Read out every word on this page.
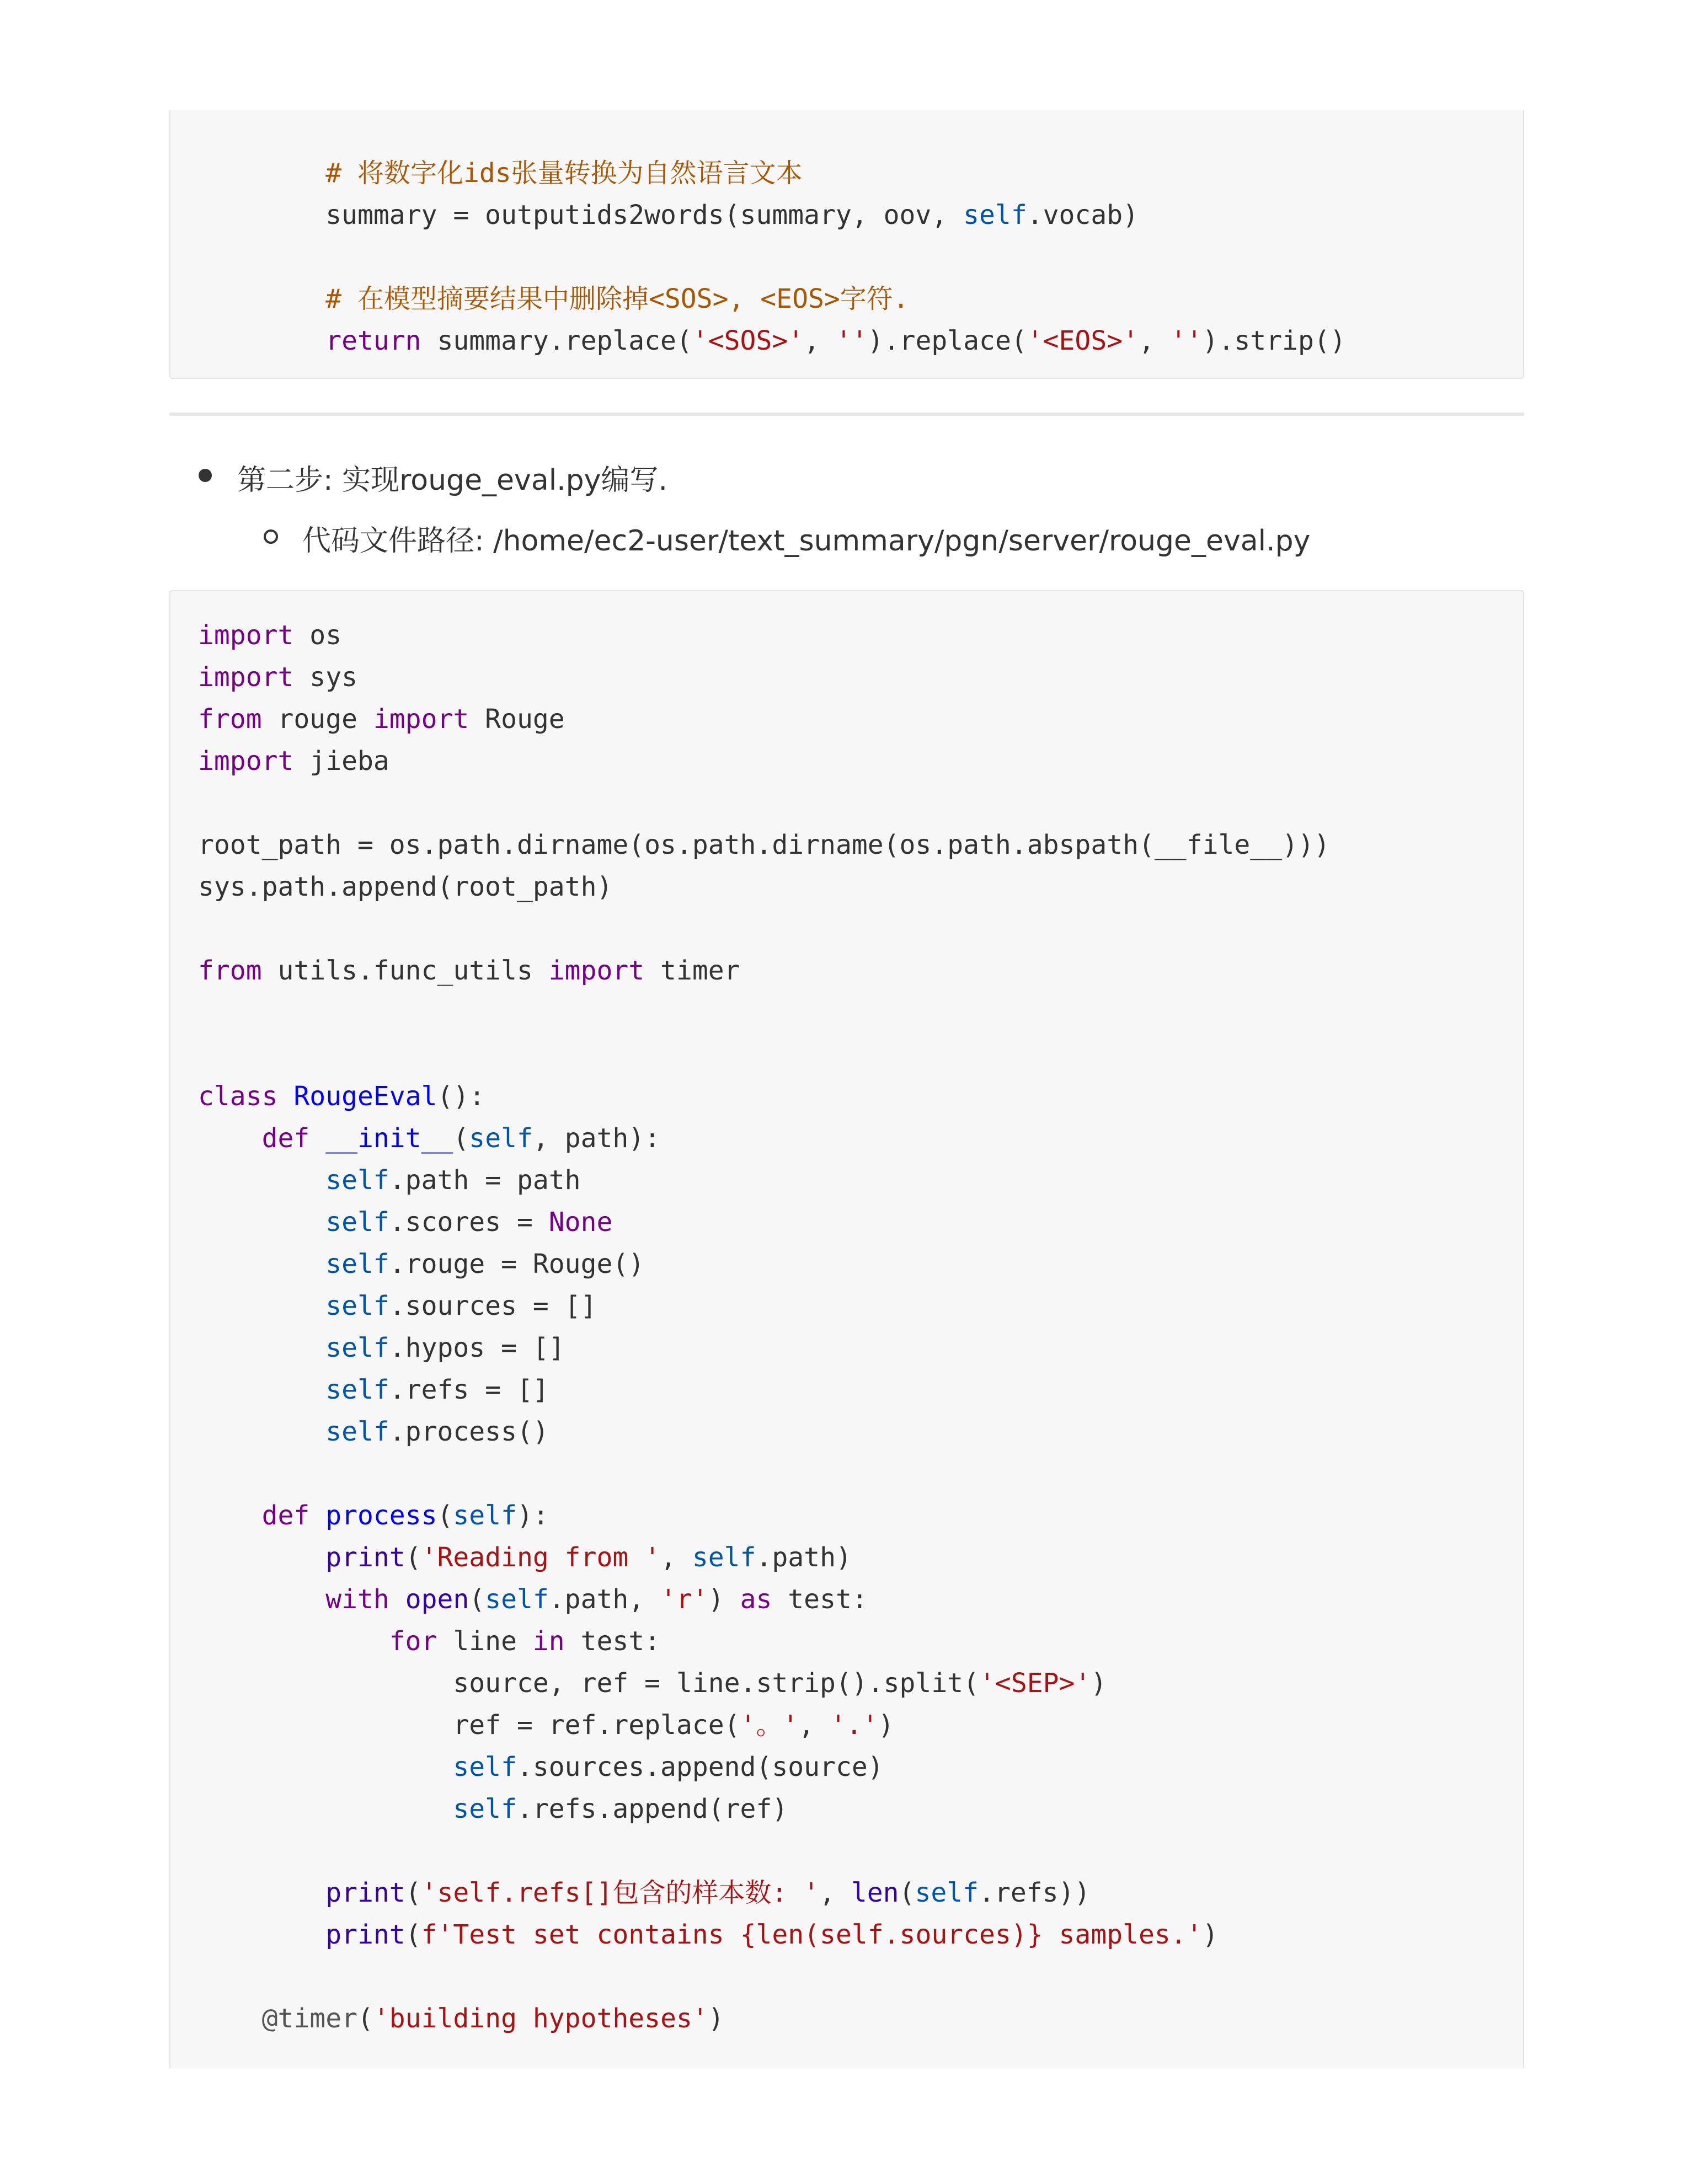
# 将数字化ids张量转换为自然语言文本
summary = outputids2words(summary, oov, self.vocab)

# 在模型摘要结果中删除掉<SOS>, <EOS>字符.
return summary.replace('<SOS>', '').replace('<EOS>', '').strip()
第二步: 实现rouge_eval.py编写.
代码文件路径: /home/ec2-user/text_summary/pgn/server/rouge_eval.py
import os
import sys
from rouge import Rouge
import jieba

root_path = os.path.dirname(os.path.dirname(os.path.abspath(__file__)))
sys.path.append(root_path)

from utils.func_utils import timer

class RougeEval():
def __init__(self, path):
self.path = path
self.scores = None
self.rouge = Rouge()
self.sources = []
self.hypos = []
self.refs = []
self.process()

def process(self):
print('Reading from ', self.path)
with open(self.path, 'r') as test:
for line in test:
source, ref = line.strip().split('<SEP>')
ref = ref.replace('。', '.')
self.sources.append(source)
self.refs.append(ref)

print('self.refs[]包含的样本数: ', len(self.refs))
print(f'Test set contains {len(self.sources)} samples.')

@timer('building hypotheses')
